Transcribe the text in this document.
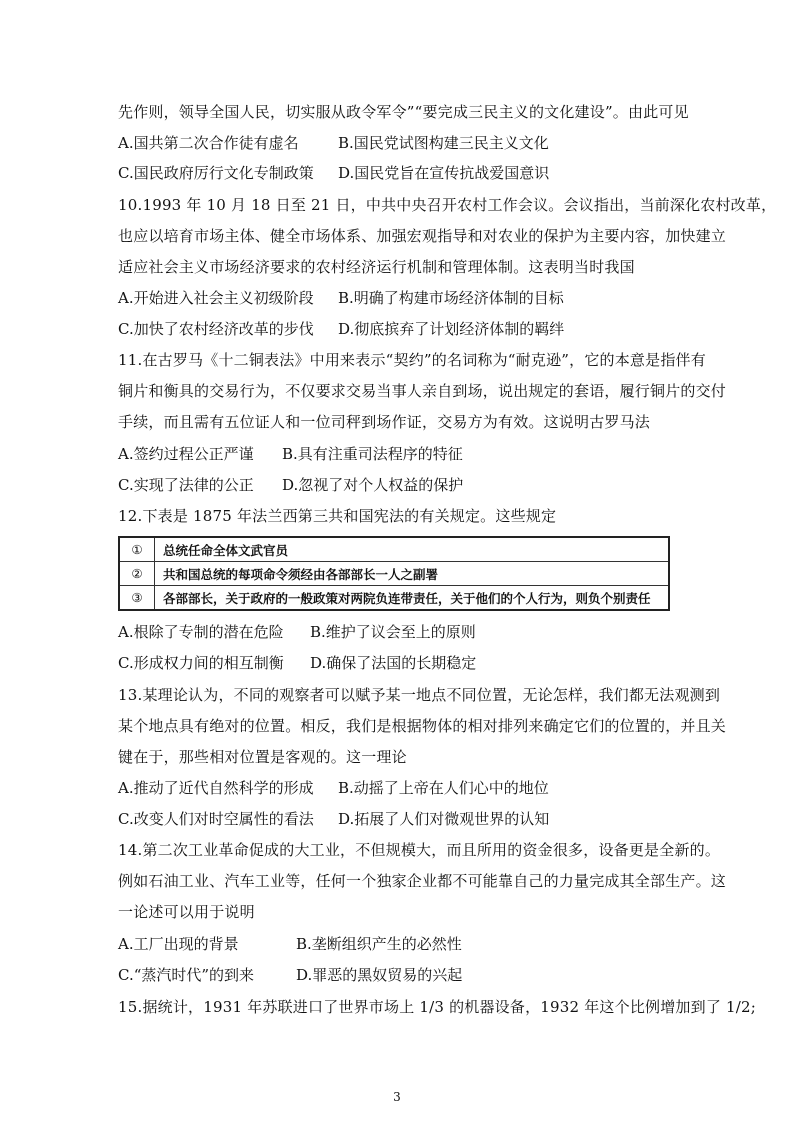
先作则，领导全国人民，切实服从政令军令”“要完成三民主义的文化建设”。由此可见
A.国共第二次合作徒有虚名	B.国民党试图构建三民主义文化
C.国民政府厉行文化专制政策 D.国民党旨在宣传抗战爱国意识
10.1993 年 10 月 18 日至 21 日，中共中央召开农村工作会议。会议指出，当前深化农村改革，
也应以培育市场主体、健全市场体系、加强宏观指导和对农业的保护为主要内容，加快建立
适应社会主义市场经济要求的农村经济运行机制和管理体制。这表明当时我国
A.开始进入社会主义初级阶段 B.明确了构建市场经济体制的目标
C.加快了农村经济改革的步伐 D.彻底摈弃了计划经济体制的羁绊
11.在古罗马《十二铜表法》中用来表示“契约”的名词称为“耐克逊”，它的本意是指伴有
铜片和衡具的交易行为，不仅要求交易当事人亲自到场，说出规定的套语，履行铜片的交付
手续，而且需有五位证人和一位司秤到场作证，交易方为有效。这说明古罗马法
A.签约过程公正严谨 B.具有注重司法程序的特征
C.实现了法律的公正 D.忽视了对个人权益的保护
12.下表是 1875 年法兰西第三共和国宪法的有关规定。这些规定
①	总统任命全体文武官员
②	共和国总统的每项命令须经由各部部长一人之副署
③	各部部长，关于政府的一般政策对两院负连带责任，关于他们的个人行为，则负个别责任
A.根除了专制的潜在危险 B.维护了议会至上的原则
C.形成权力间的相互制衡 D.确保了法国的长期稳定
13.某理论认为，不同的观察者可以赋予某一地点不同位置，无论怎样，我们都无法观测到
某个地点具有绝对的位置。相反，我们是根据物体的相对排列来确定它们的位置的，并且关
键在于，那些相对位置是客观的。这一理论
A.推动了近代自然科学的形成 B.动摇了上帝在人们心中的地位
C.改变人们对时空属性的看法 D.拓展了人们对微观世界的认知
14.第二次工业革命促成的大工业，不但规模大，而且所用的资金很多，设备更是全新的。
例如石油工业、汽车工业等，任何一个独家企业都不可能靠自己的力量完成其全部生产。这
一论述可以用于说明
A.工厂出现的背景	B.垄断组织产生的必然性
C.“蒸汽时代”的到来	D.罪恶的黑奴贸易的兴起
15.据统计，1931 年苏联进口了世界市场上 1/3 的机器设备，1932 年这个比例增加到了 1/2;
3
